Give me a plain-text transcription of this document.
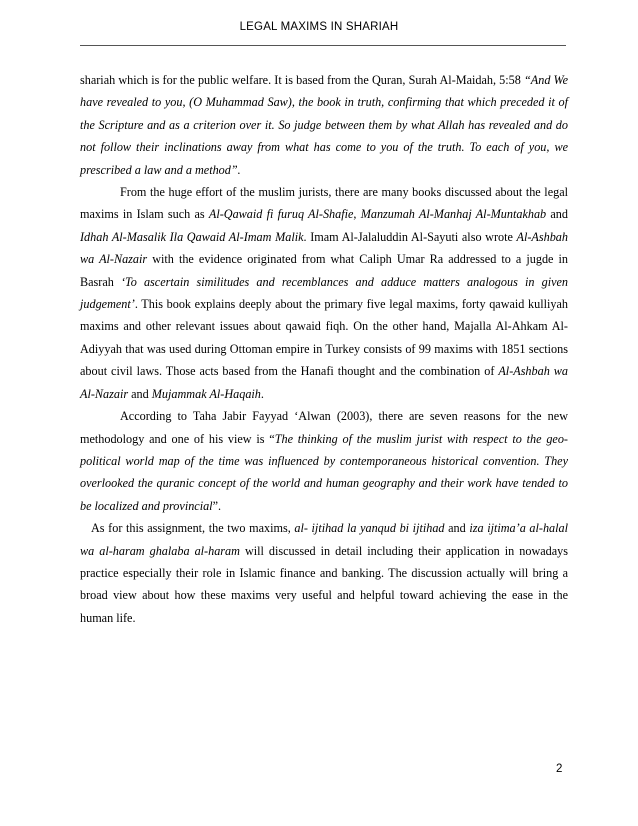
LEGAL MAXIMS IN SHARIAH

shariah which is for the public welfare. It is based from the Quran, Surah Al-Maidah, 5:58 “And We have revealed to you, (O Muhammad Saw), the book in truth, confirming that which preceded it of the Scripture and as a criterion over it. So judge between them by what Allah has revealed and do not follow their inclinations away from what has come to you of the truth. To each of you, we prescribed a law and a method”.

From the huge effort of the muslim jurists, there are many books discussed about the legal maxims in Islam such as Al-Qawaid fi furuq Al-Shafie, Manzumah Al-Manhaj Al-Muntakhab and Idhah Al-Masalik Ila Qawaid Al-Imam Malik. Imam Al-Jalaluddin Al-Sayuti also wrote Al-Ashbah wa Al-Nazair with the evidence originated from what Caliph Umar Ra addressed to a jugde in Basrah ‘To ascertain similitudes and recemblances and adduce matters analogous in given judgement’. This book explains deeply about the primary five legal maxims, forty qawaid kulliyah maxims and other relevant issues about qawaid fiqh. On the other hand, Majalla Al-Ahkam Al-Adiyyah that was used during Ottoman empire in Turkey consists of 99 maxims with 1851 sections about civil laws. Those acts based from the Hanafi thought and the combination of Al-Ashbah wa Al-Nazair and Mujammak Al-Haqaih.

According to Taha Jabir Fayyad ‘Alwan (2003), there are seven reasons for the new methodology and one of his view is “The thinking of the muslim jurist with respect to the geo-political world map of the time was influenced by contemporaneous historical convention. They overlooked the quranic concept of the world and human geography and their work have tended to be localized and provincial”.

As for this assignment, the two maxims, al- ijtihad la yanqud bi ijtihad and iza ijtima’a al-halal wa al-haram ghalaba al-haram will discussed in detail including their application in nowadays practice especially their role in Islamic finance and banking. The discussion actually will bring a broad view about how these maxims very useful and helpful toward achieving the ease in the human life.

2
